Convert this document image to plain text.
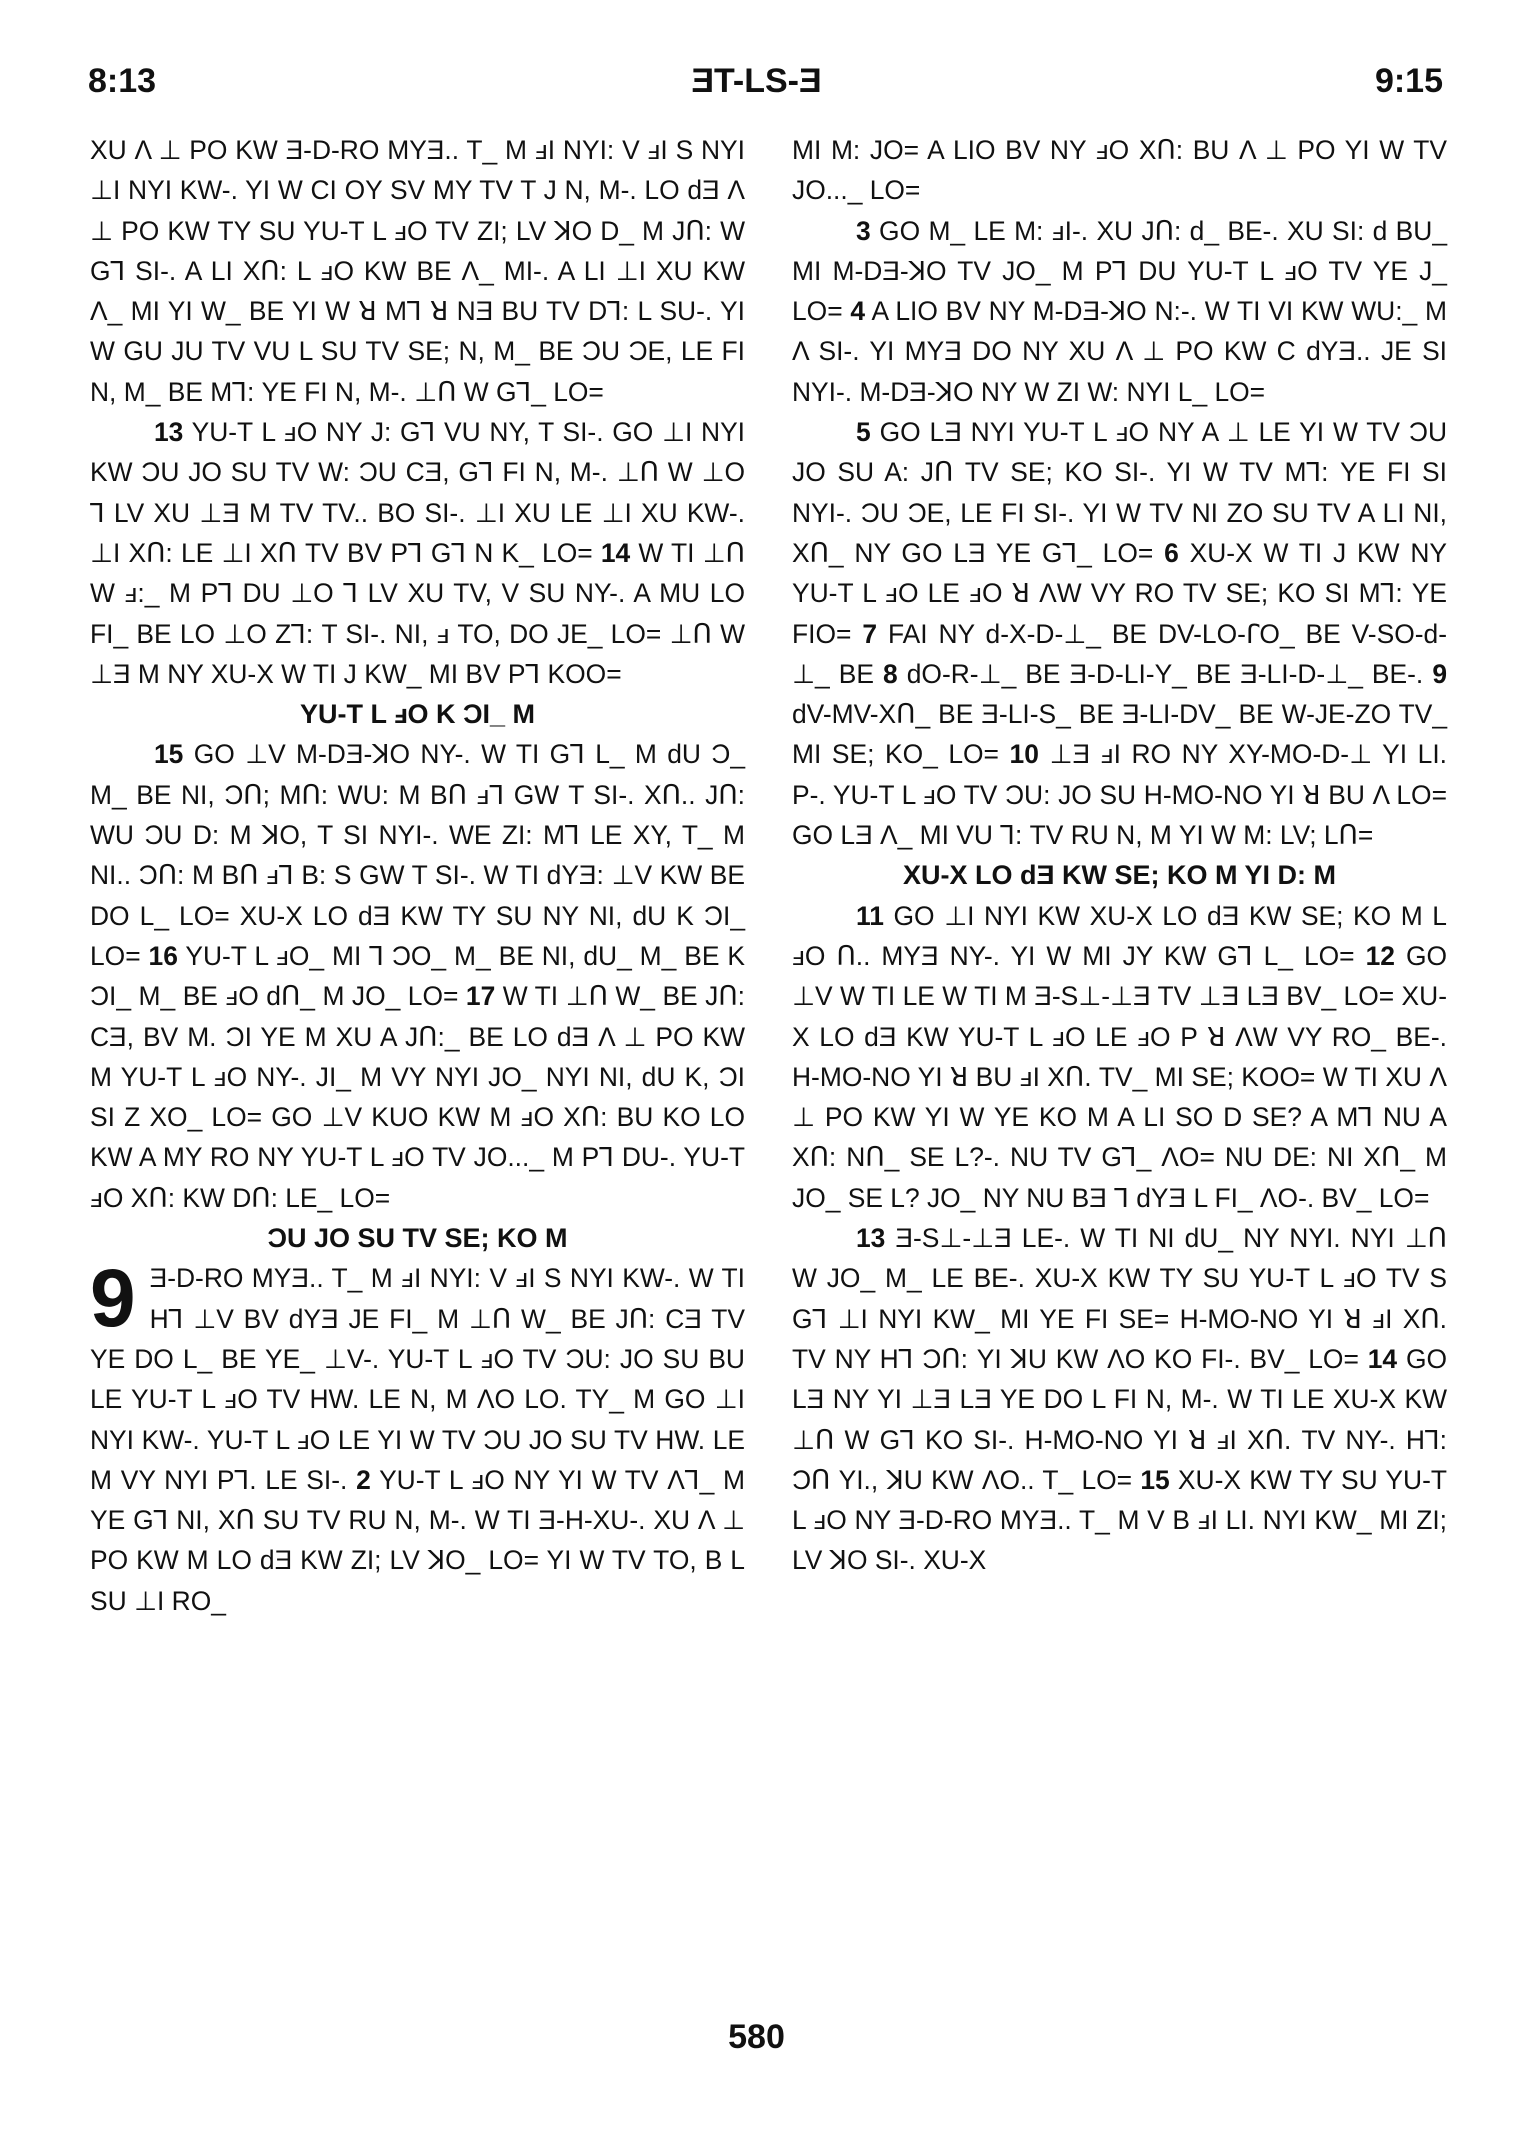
8:13	ƎT-LS-Ǝ	9:15

XU Λ ⊥ PO KW Ǝ-D-RO MYƎ.. T_ M ⅎI NYI: V ⅎI S NYI ⊥I NYI KW-. YI W CI OY SV MY TV T J N, M-. LO dƎ Λ ⊥ PO KW TY SU YU-T L ⅎO TV ZI; LV ꓘO D_ M JՈ: W Gꓶ SI-. A LI XՈ: L ⅎO KW BE Λ_ MI-. A LI ⊥I XU KW Λ_ MI YI W_ BE YI W ꓤ Mꓶ ꓤ NƎ BU TV Dꓶ: L SU-. YI W GU JU TV VU L SU TV SE; N, M_ BE ƆU ƆE, LE FI N, M_ BE Mꓶ: YE FI N, M-. ⊥Ո W Gꓶ_ LO=

13 YU-T L ⅎO NY J: Gꓶ VU NY, T SI-. GO ⊥I NYI KW ƆU JO SU TV W: ƆU CƎ, Gꓶ FI N, M-. ⊥Ո W ⊥O ꓶ LV XU ⊥Ǝ M TV TV.. BO SI-. ⊥I XU LE ⊥I XU KW-. ⊥I XՈ: LE ⊥I XՈ TV BV Pꓶ Gꓶ N K_ LO= 14 W TI ⊥Ո W ⅎ:_ M Pꓶ DU ⊥O ꓶ LV XU TV, V SU NY-. A MU LO FI_ BE LO ⊥O Zꓶ: T SI-. NI, ⅎ TO, DO JE_ LO= ⊥Ո W ⊥Ǝ M NY XU-X W TI J KW_ MI BV Pꓶ KOO=

YU-T L ⅎO K ƆI_ M

15 GO ⊥V M-DƎ-ꓘO NY-. W TI Gꓶ L_ M dU Ɔ_ M_ BE NI, ƆՈ; MՈ: WU: M BՈ ⅎꓶ GW T SI-. XՈ.. JՈ: WU ƆU D: M ꓘO, T SI NYI-. WE ZI: Mꓶ LE XY, T_ M NI.. ƆՈ: M BՈ ⅎꓶ B: S GW T SI-. W TI dYƎ: ⊥V KW BE DO L_ LO= XU-X LO dƎ KW TY SU NY NI, dU K ƆI_ LO= 16 YU-T L ⅎO_ MI ꓶ ƆO_ M_ BE NI, dU_ M_ BE K ƆI_ M_ BE ⅎO dՈ_ M JO_ LO= 17 W TI ⊥Ո W_ BE JՈ: CƎ, BV M. ƆI YE M XU A JՈ:_ BE LO dƎ Λ ⊥ PO KW M YU-T L ⅎO NY-. JI_ M VY NYI JO_ NYI NI, dU K, ƆI SI Z XO_ LO= GO ⊥V KUO KW M ⅎO XՈ: BU KO LO KW A MY RO NY YU-T L ⅎO TV JO..._ M Pꓶ DU-. YU-T ⅎO XՈ: KW DՈ: LE_ LO=

ƆU JO SU TV SE; KO M

9 Ǝ-D-RO MYƎ.. T_ M ⅎI NYI: V ⅎI S NYI KW-. W TI Hꓶ ⊥V BV dYƎ JE FI_ M ⊥Ո W_ BE JՈ: CƎ TV YE DO L_ BE YE_ ⊥V-. YU-T L ⅎO TV ƆU: JO SU BU LE YU-T L ⅎO TV HW. LE N, M ΛO LO. TY_ M GO ⊥I NYI KW-. YU-T L ⅎO LE YI W TV ƆU JO SU TV HW. LE M VY NYI Pꓶ. LE SI-. 2 YU-T L ⅎO NY YI W TV Λꓶ_ M YE Gꓶ NI, XՈ SU TV RU N, M-. W TI Ǝ-H-XU-. XU Λ ⊥ PO KW M LO dƎ KW ZI; LV ꓘO_ LO= YI W TV TO, B L SU ⊥I RO_

MI M: JO= A LIO BV NY ⅎO XՈ: BU Λ ⊥ PO YI W TV JO..._ LO=

3 GO M_ LE M: ⅎI-. XU JՈ: d_ BE-. XU SI: d BU_ MI M-DƎ-ꓘO TV JO_ M Pꓶ DU YU-T L ⅎO TV YE J_ LO= 4 A LIO BV NY M-DƎ-ꓘO N:-. W TI VI KW WU:_ M Λ SI-. YI MYƎ DO NY XU Λ ⊥ PO KW C dYƎ.. JE SI NYI-. M-DƎ-ꓘO NY W ZI W: NYI L_ LO=

5 GO LƎ NYI YU-T L ⅎO NY A ⊥ LE YI W TV ƆU JO SU A: JՈ TV SE; KO SI-. YI W TV Mꓶ: YE FI SI NYI-. ƆU ƆE, LE FI SI-. YI W TV NI ZO SU TV A LI NI, XՈ_ NY GO LƎ YE Gꓶ_ LO= 6 XU-X W TI J KW NY YU-T L ⅎO LE ⅎO ꓤ ΛW VY RO TV SE; KO SI Mꓶ: YE FIO= 7 FAI NY d-X-D-⊥_ BE DV-LO-ꓩO_ BE V-SO-d-⊥_ BE 8 dO-R-⊥_ BE Ǝ-D-LI-Y_ BE Ǝ-LI-D-⊥_ BE-. 9 dV-MV-XՈ_ BE Ǝ-LI-S_ BE Ǝ-LI-DV_ BE W-JE-ZO TV_ MI SE; KO_ LO= 10 ⊥Ǝ ⅎI RO NY XY-MO-D-⊥ YI LI. P-. YU-T L ⅎO TV ƆU: JO SU H-MO-NO YI ꓤ BU Λ LO= GO LƎ Λ_ MI VU ꓶ: TV RU N, M YI W M: LV; LՈ=

XU-X LO dƎ KW SE; KO M YI D: M

11 GO ⊥I NYI KW XU-X LO dƎ KW SE; KO M L ⅎO Ո.. MYƎ NY-. YI W MI JY KW Gꓶ L_ LO= 12 GO ⊥V W TI LE W TI M Ǝ-S⊥-⊥Ǝ TV ⊥Ǝ LƎ BV_ LO= XU-X LO dƎ KW YU-T L ⅎO LE ⅎO P ꓤ ΛW VY RO_ BE-. H-MO-NO YI ꓤ BU ⅎI XՈ. TV_ MI SE; KOO= W TI XU Λ ⊥ PO KW YI W YE KO M A LI SO D SE? A Mꓶ NU A XՈ: NՈ_ SE L?-. NU TV Gꓶ_ ΛO= NU DE: NI XՈ_ M JO_ SE L? JO_ NY NU BƎ ꓶ dYƎ L FI_ ΛO-. BV_ LO=

13 Ǝ-S⊥-⊥Ǝ LE-. W TI NI dU_ NY NYI. NYI ⊥Ո W JO_ M_ LE BE-. XU-X KW TY SU YU-T L ⅎO TV S Gꓶ ⊥I NYI KW_ MI YE FI SE= H-MO-NO YI ꓤ ⅎI XՈ. TV NY Hꓶ ƆՈ: YI ꓘU KW ΛO KO FI-. BV_ LO= 14 GO LƎ NY YI ⊥Ǝ LƎ YE DO L FI N, M-. W TI LE XU-X KW ⊥Ո W Gꓶ KO SI-. H-MO-NO YI ꓤ ⅎI XՈ. TV NY-. Hꓶ: ƆՈ YI., ꓘU KW ΛO.. T_ LO= 15 XU-X KW TY SU YU-T L ⅎO NY Ǝ-D-RO MYƎ.. T_ M V B ⅎI LI. NYI KW_ MI ZI; LV ꓘO SI-. XU-X

580
